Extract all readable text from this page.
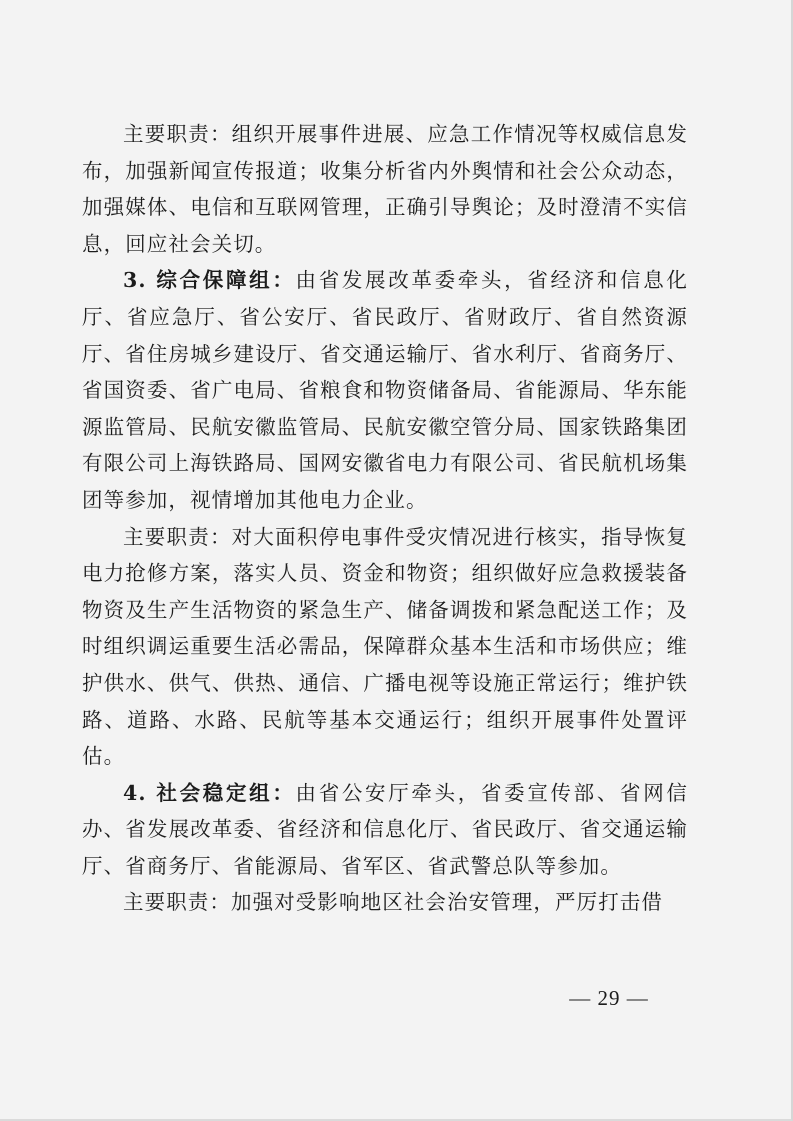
主要职责：组织开展事件进展、应急工作情况等权威信息发布，加强新闻宣传报道；收集分析省内外舆情和社会公众动态，加强媒体、电信和互联网管理，正确引导舆论；及时澄清不实信息，回应社会关切。

3. 综合保障组：由省发展改革委牵头，省经济和信息化厅、省应急厅、省公安厅、省民政厅、省财政厅、省自然资源厅、省住房城乡建设厅、省交通运输厅、省水利厅、省商务厅、省国资委、省广电局、省粮食和物资储备局、省能源局、华东能源监管局、民航安徽监管局、民航安徽空管分局、国家铁路集团有限公司上海铁路局、国网安徽省电力有限公司、省民航机场集团等参加，视情增加其他电力企业。

主要职责：对大面积停电事件受灾情况进行核实，指导恢复电力抢修方案，落实人员、资金和物资；组织做好应急救援装备物资及生产生活物资的紧急生产、储备调拨和紧急配送工作；及时组织调运重要生活必需品，保障群众基本生活和市场供应；维护供水、供气、供热、通信、广播电视等设施正常运行；维护铁路、道路、水路、民航等基本交通运行；组织开展事件处置评估。

4. 社会稳定组：由省公安厅牵头，省委宣传部、省网信办、省发展改革委、省经济和信息化厅、省民政厅、省交通运输厅、省商务厅、省能源局、省军区、省武警总队等参加。

主要职责：加强对受影响地区社会治安管理，严厉打击借

— 29 —
